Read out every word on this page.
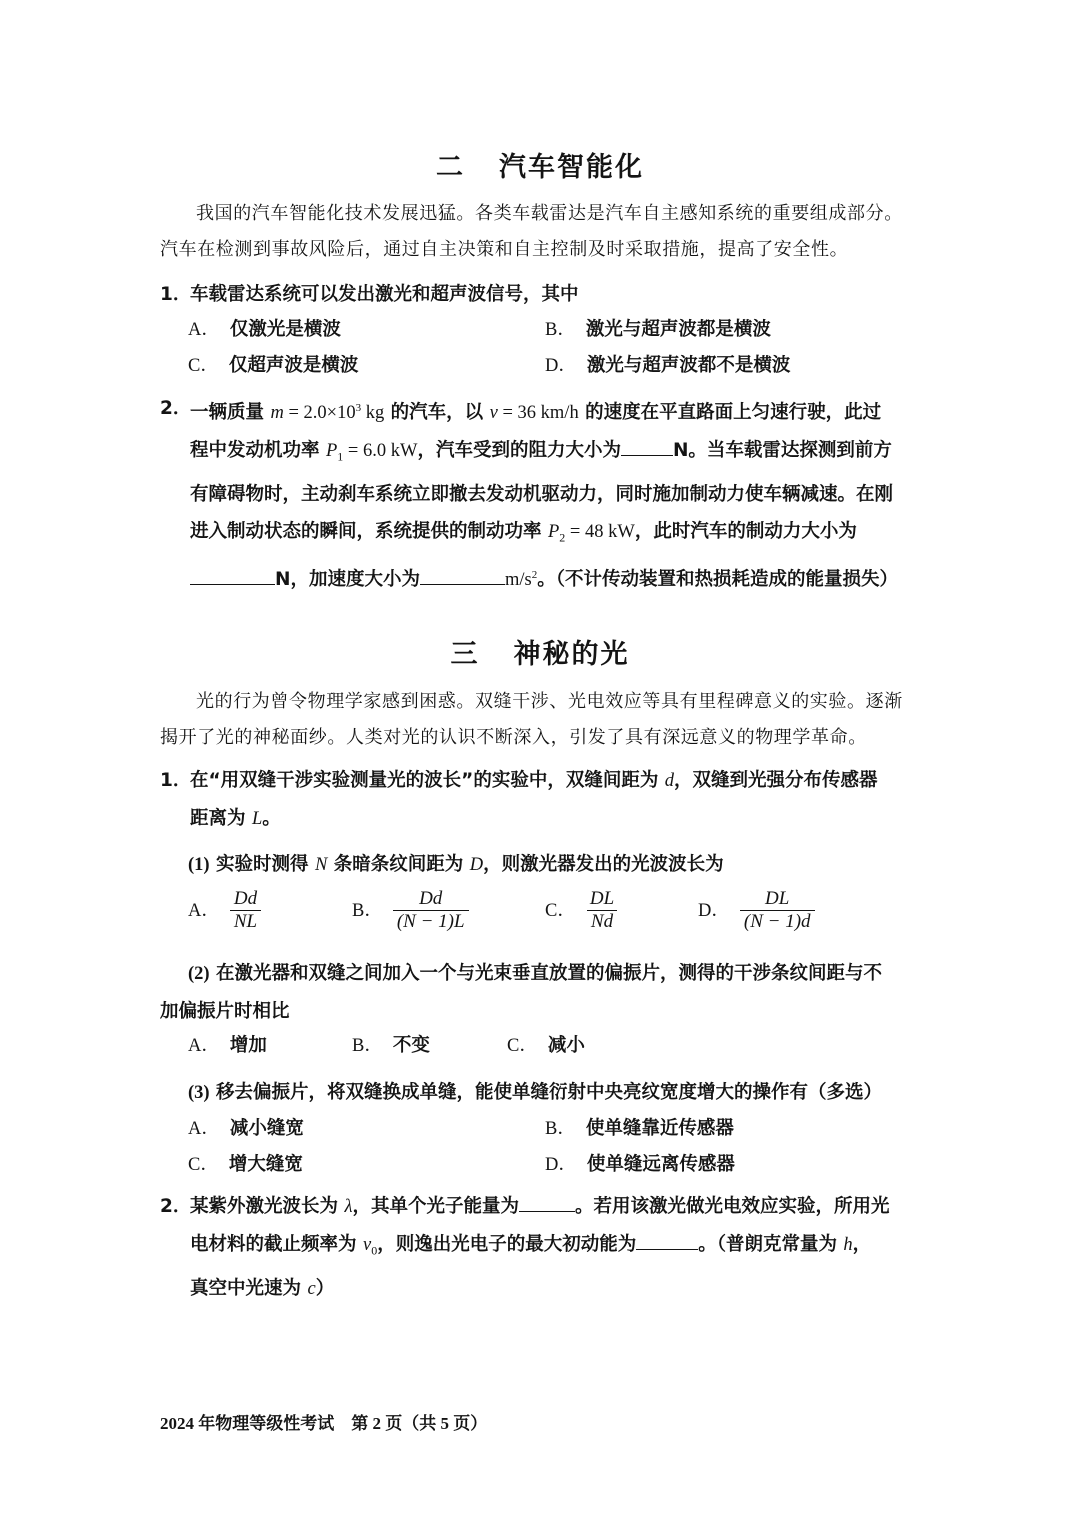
二 汽车智能化

我国的汽车智能化技术发展迅猛。各类车载雷达是汽车自主感知系统的重要组成部分。

汽车在检测到事故风险后，通过自主决策和自主控制及时采取措施，提高了安全性。

1．
车载雷达系统可以发出激光和超声波信号，其中
A． 仅激光是横波	B． 激光与超声波都是横波
C． 仅超声波是横波	D． 激光与超声波都不是横波
2．
一辆质量 $m = 2.0\times 10^3$ kg 的汽车，以 v = 36 km/h 的速度在平直路面上匀速行驶，此过
程中发动机功率 $P_1 = 6.0$ kW，汽车受到的阻力大小为	N。当车载雷达探测到前方
有障碍物时，主动刹车系统立即撤去发动机驱动力，同时施加制动力使车辆减速。在刚
进入制动状态的瞬间，系统提供的制动功率 $P_2 = 48$ kW，此时汽车的制动力大小为
N，加速度大小为	$m/s^2$。（不计传动装置和热损耗造成的能量损失）
三 神秘的光

光的行为曾令物理学家感到困惑。双缝干涉、光电效应等具有里程碑意义的实验。逐渐

揭开了光的神秘面纱。人类对光的认识不断深入，引发了具有深远意义的物理学革命。

1．
在“用双缝干涉实验测量光的波长”的实验中，双缝间距为 d，双缝到光强分布传感器
距离为 L。
(1) 实验时测得 N 条暗条纹间距为 D，则激光器发出的光波波长为
A． $\frac{Dd}{NL}$	B． $\frac{Dd}{(N - 1)L}$	C． $\frac{DL}{Nd}$	D． $\frac{DL}{(N - 1)d}$
(2) 在激光器和双缝之间加入一个与光束垂直放置的偏振片，测得的干涉条纹间距与不
加偏振片时相比
A． 增加	B． 不变	C． 减小
(3) 移去偏振片，将双缝换成单缝，能使单缝衍射中央亮纹宽度增大的操作有（多选）
A． 减小缝宽	B． 使单缝靠近传感器
C． 增大缝宽	D． 使单缝远离传感器
2．
某紫外激光波长为 λ，其单个光子能量为	。若用该激光做光电效应实验，所用光
电材料的截止频率为 $\nu_0$，则逸出光电子的最大初动能为	。（普朗克常量为 h，
真空中光速为 c）
2024 年物理等级性考试　第 2 页（共 5 页）
